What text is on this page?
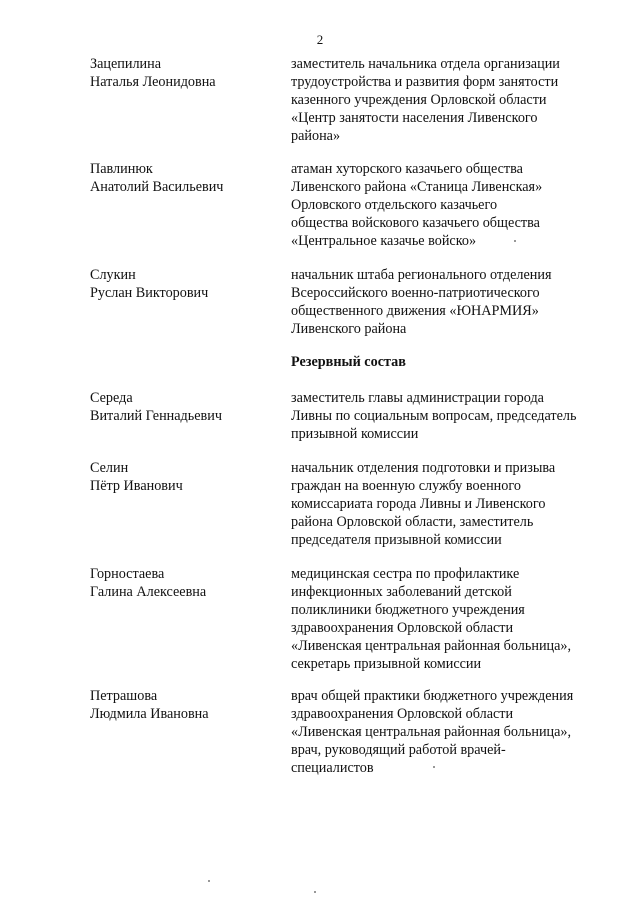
2
Зацепилина
Наталья Леонидовна
заместитель начальника отдела организации
трудоустройства и развития форм занятости
казенного учреждения Орловской области
«Центр занятости населения Ливенского
района»
Павлинюк
Анатолий Васильевич
атаман хуторского казачьего общества
Ливенского района «Станица Ливенская»
Орловского отдельского казачьего
общества войскового казачьего общества
«Центральное казачье войско»
Слукин
Руслан Викторович
начальник штаба регионального отделения
Всероссийского военно-патриотического
общественного движения «ЮНАРМИЯ»
Ливенского района
Резервный состав
Середа
Виталий Геннадьевич
заместитель главы администрации города
Ливны по социальным вопросам, председатель
призывной комиссии
Селин
Пётр Иванович
начальник отделения подготовки и призыва
граждан на военную службу военного
комиссариата города Ливны и Ливенского
района Орловской области, заместитель
председателя призывной комиссии
Горностаева
Галина Алексеевна
медицинская сестра по профилактике
инфекционных заболеваний детской
поликлиники бюджетного учреждения
здравоохранения Орловской области
«Ливенская центральная районная больница»,
секретарь призывной комиссии
Петрашова
Людмила Ивановна
врач общей практики бюджетного учреждения
здравоохранения Орловской области
«Ливенская центральная районная больница»,
врач, руководящий работой врачей-
специалистов
